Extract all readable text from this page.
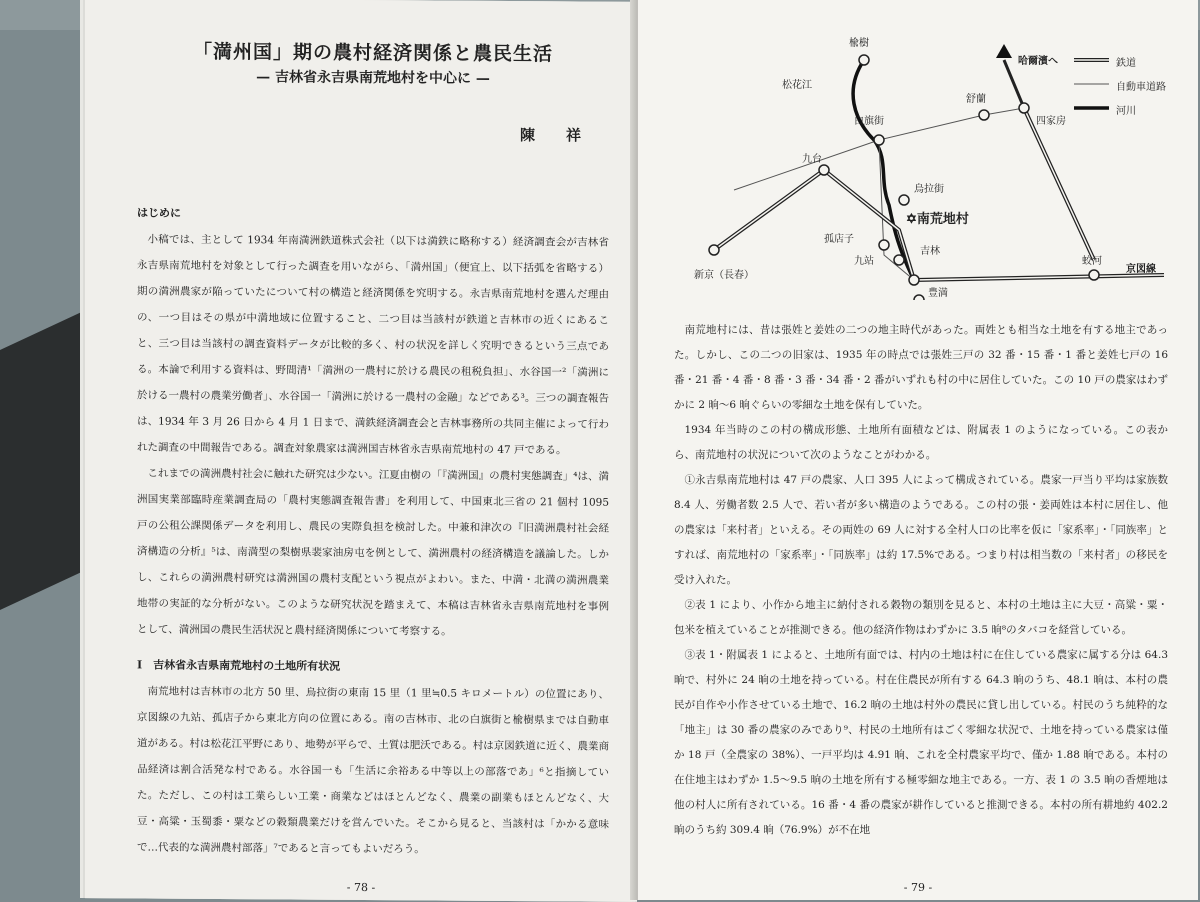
「満州国」期の農村経済関係と農民生活
— 吉林省永吉県南荒地村を中心に —
陳　祥
はじめに

小稿では、主として 1934 年南満洲鉄道株式会社（以下は満鉄に略称する）経済調査会が吉林省永吉県南荒地村を対象として行った調査を用いながら、「満州国」（便宜上、以下括弧を省略する）期の満洲農家が陥っていたについて村の構造と経済関係を究明する。永吉県南荒地村を選んだ理由の、一つ目はその県が中満地域に位置すること、二つ目は当該村が鉄道と吉林市の近くにあること、三つ目は当該村の調査資料データが比較的多く、村の状況を詳しく究明できるという三点である。本論で利用する資料は、野間清¹「満洲の一農村に於ける農民の租税負担」、水谷国一²「満洲に於ける一農村の農業労働者」、水谷国一「満洲に於ける一農村の金融」などである³。三つの調査報告は、1934 年 3 月 26 日から 4 月 1 日まで、満鉄経済調査会と吉林事務所の共同主催によって行われた調査の中間報告である。調査対象農家は満洲国吉林省永吉県南荒地村の 47 戸である。

これまでの満洲農村社会に触れた研究は少ない。江夏由樹の「『満洲国』の農村実態調査」⁴は、満洲国実業部臨時産業調査局の「農村実態調査報告書」を利用して、中国東北三省の 21 個村 1095 戸の公租公課関係データを利用し、農民の実際負担を検討した。中兼和津次の『旧満洲農村社会経済構造の分析』⁵は、南満型の梨樹県裴家油房屯を例として、満洲農村の経済構造を議論した。しかし、これらの満洲農村研究は満洲国の農村支配という視点がよわい。また、中満・北満の満洲農業地帯の実証的な分析がない。このような研究状況を踏まえて、本稿は吉林省永吉県南荒地村を事例として、満洲国の農民生活状況と農村経済関係について考察する。

Ⅰ　吉林省永吉県南荒地村の土地所有状況

南荒地村は吉林市の北方 50 里、烏拉街の東南 15 里（1 里≒0.5 キロメートル）の位置にあり、京図線の九站、孤店子から東北方向の位置にある。南の吉林市、北の白旗街と楡樹県までは自動車道がある。村は松花江平野にあり、地勢が平らで、土質は肥沃である。村は京図鉄道に近く、農業商品経済は割合活発な村である。水谷国一も「生活に余裕ある中等以上の部落であ」⁶と指摘していた。ただし、この村は工業らしい工業・商業などはほとんどなく、農業の副業もほとんどなく、大豆・高粱・玉蜀黍・粟などの穀類農業だけを営んでいた。そこから見ると、当該村は「かかる意味で…代表的な満洲農村部落」⁷であると言ってもよいだろう。

- 78 -
楡樹
松花江
白旗街
舒蘭
四家房
哈爾濱へ
九台
烏拉街
✡南荒地村
孤店子
九站
吉林
蛟河
京図線
新京（長春）
豊満
鉄道
自動車道路
河川

南荒地村には、昔は張姓と姜姓の二つの地主時代があった。両姓とも相当な土地を有する地主であった。しかし、この二つの旧家は、1935 年の時点では張姓三戸の 32 番・15 番・1 番と姜姓七戸の 16 番・21 番・4 番・8 番・3 番・34 番・2 番がいずれも村の中に居住していた。この 10 戸の農家はわずかに 2 晌〜6 晌ぐらいの零細な土地を保有していた。

1934 年当時のこの村の構成形態、土地所有面積などは、附属表 1 のようになっている。この表から、南荒地村の状況について次のようなことがわかる。

①永吉県南荒地村は 47 戸の農家、人口 395 人によって構成されている。農家一戸当り平均は家族数 8.4 人、労働者数 2.5 人で、若い者が多い構造のようである。この村の張・姜両姓は本村に居住し、他の農家は「来村者」といえる。その両姓の 69 人に対する全村人口の比率を仮に「家系率」・「同族率」とすれば、南荒地村の「家系率」・「同族率」は約 17.5%である。つまり村は相当数の「来村者」の移民を受け入れた。

②表 1 により、小作から地主に納付される穀物の類別を見ると、本村の土地は主に大豆・高粱・粟・包米を植えていることが推測できる。他の経済作物はわずかに 3.5 晌⁸のタバコを経営している。

③表 1・附属表 1 によると、土地所有面では、村内の土地は村に在住している農家に属する分は 64.3 晌で、村外に 24 晌の土地を持っている。村在住農民が所有する 64.3 晌のうち、48.1 晌は、本村の農民が自作や小作させている土地で、16.2 晌の土地は村外の農民に貸し出している。村民のうち純粋的な「地主」は 30 番の農家のみであり⁹、村民の土地所有はごく零細な状況で、土地を持っている農家は僅か 18 戸（全農家の 38%）、一戸平均は 4.91 晌、これを全村農家平均で、僅か 1.88 晌である。本村の在住地主はわずか 1.5〜9.5 晌の土地を所有する極零細な地主である。一方、表 1 の 3.5 晌の香煙地は他の村人に所有されている。16 番・4 番の農家が耕作していると推測できる。本村の所有耕地約 402.2 晌のうち約 309.4 晌（76.9%）が不在地

- 79 -
